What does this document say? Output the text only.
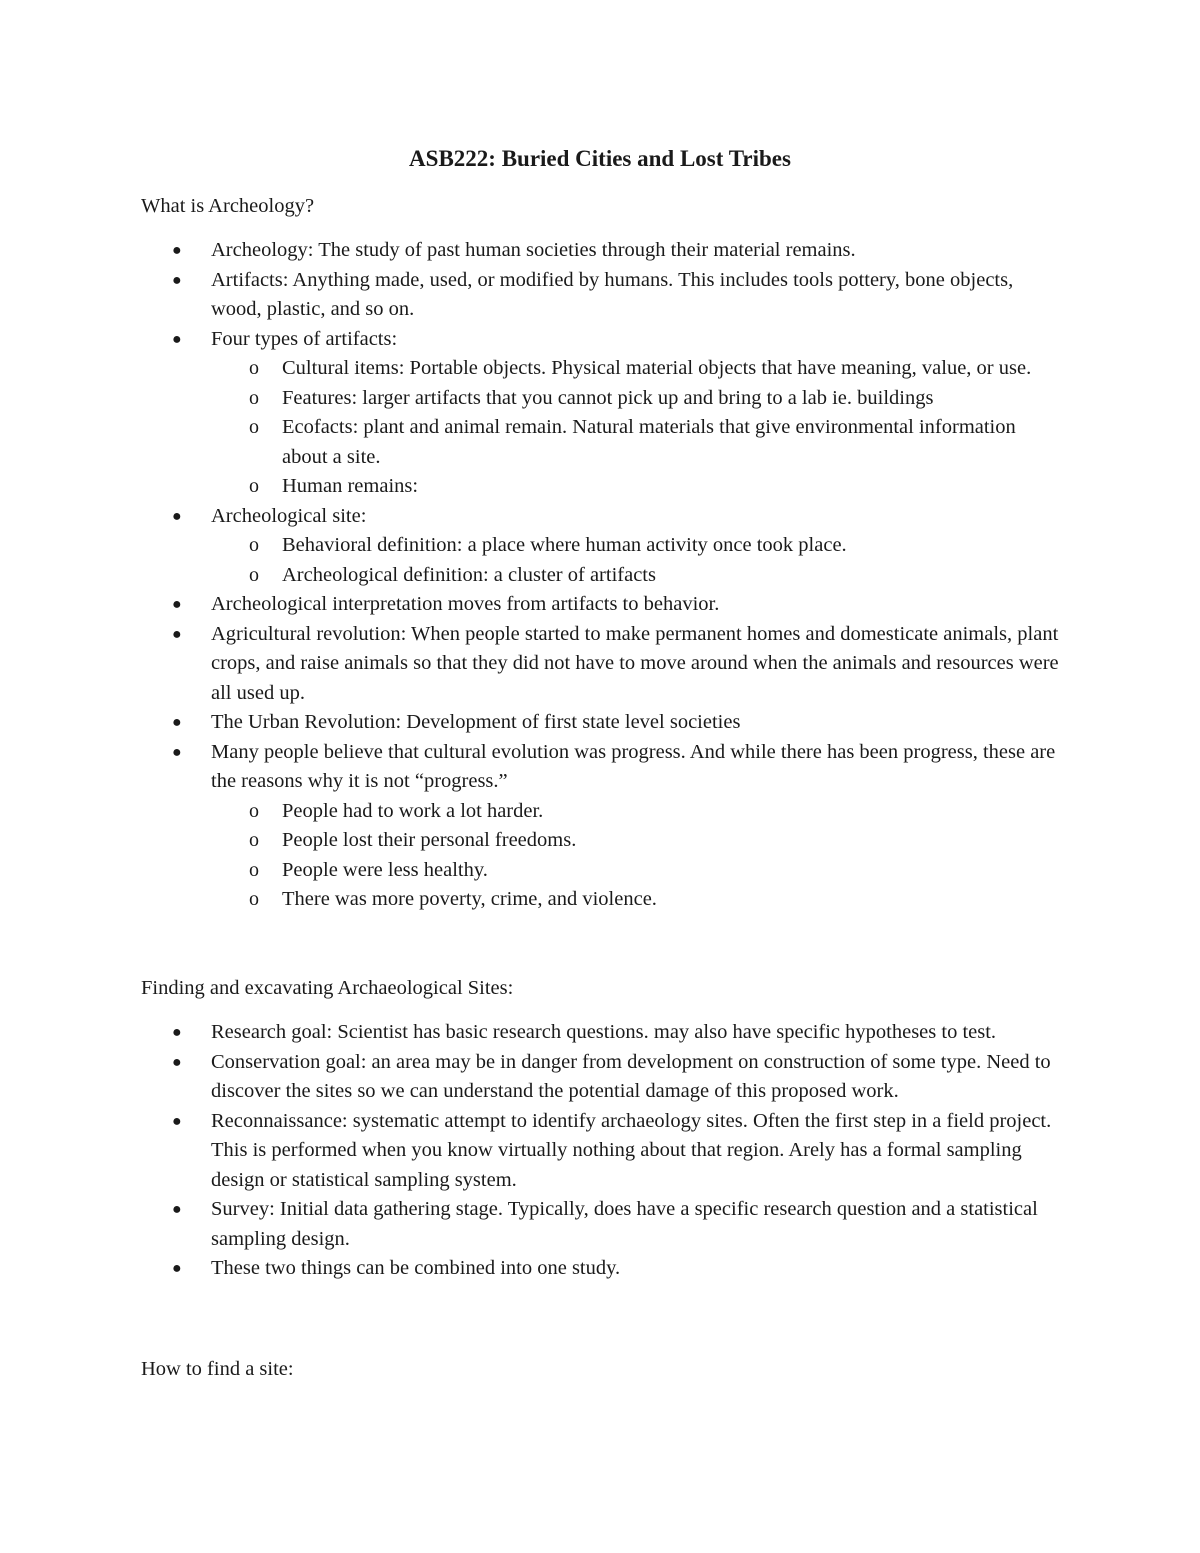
ASB222: Buried Cities and Lost Tribes

What is Archeology?

● Archeology: The study of past human societies through their material remains.
● Artifacts: Anything made, used, or modified by humans. This includes tools pottery, bone objects, wood, plastic, and so on.
● Four types of artifacts:
o Cultural items: Portable objects. Physical material objects that have meaning, value, or use.
o Features: larger artifacts that you cannot pick up and bring to a lab ie. buildings
o Ecofacts: plant and animal remain. Natural materials that give environmental information about a site.
o Human remains:
● Archeological site:
o Behavioral definition: a place where human activity once took place.
o Archeological definition: a cluster of artifacts
● Archeological interpretation moves from artifacts to behavior.
● Agricultural revolution: When people started to make permanent homes and domesticate animals, plant crops, and raise animals so that they did not have to move around when the animals and resources were all used up.
● The Urban Revolution: Development of first state level societies
● Many people believe that cultural evolution was progress. And while there has been progress, these are the reasons why it is not “progress.”
o People had to work a lot harder.
o People lost their personal freedoms.
o People were less healthy.
o There was more poverty, crime, and violence.

Finding and excavating Archaeological Sites:

● Research goal: Scientist has basic research questions. may also have specific hypotheses to test.
● Conservation goal: an area may be in danger from development on construction of some type. Need to discover the sites so we can understand the potential damage of this proposed work.
● Reconnaissance: systematic attempt to identify archaeology sites. Often the first step in a field project. This is performed when you know virtually nothing about that region. Arely has a formal sampling design or statistical sampling system.
● Survey: Initial data gathering stage. Typically, does have a specific research question and a statistical sampling design.
● These two things can be combined into one study.

How to find a site:
